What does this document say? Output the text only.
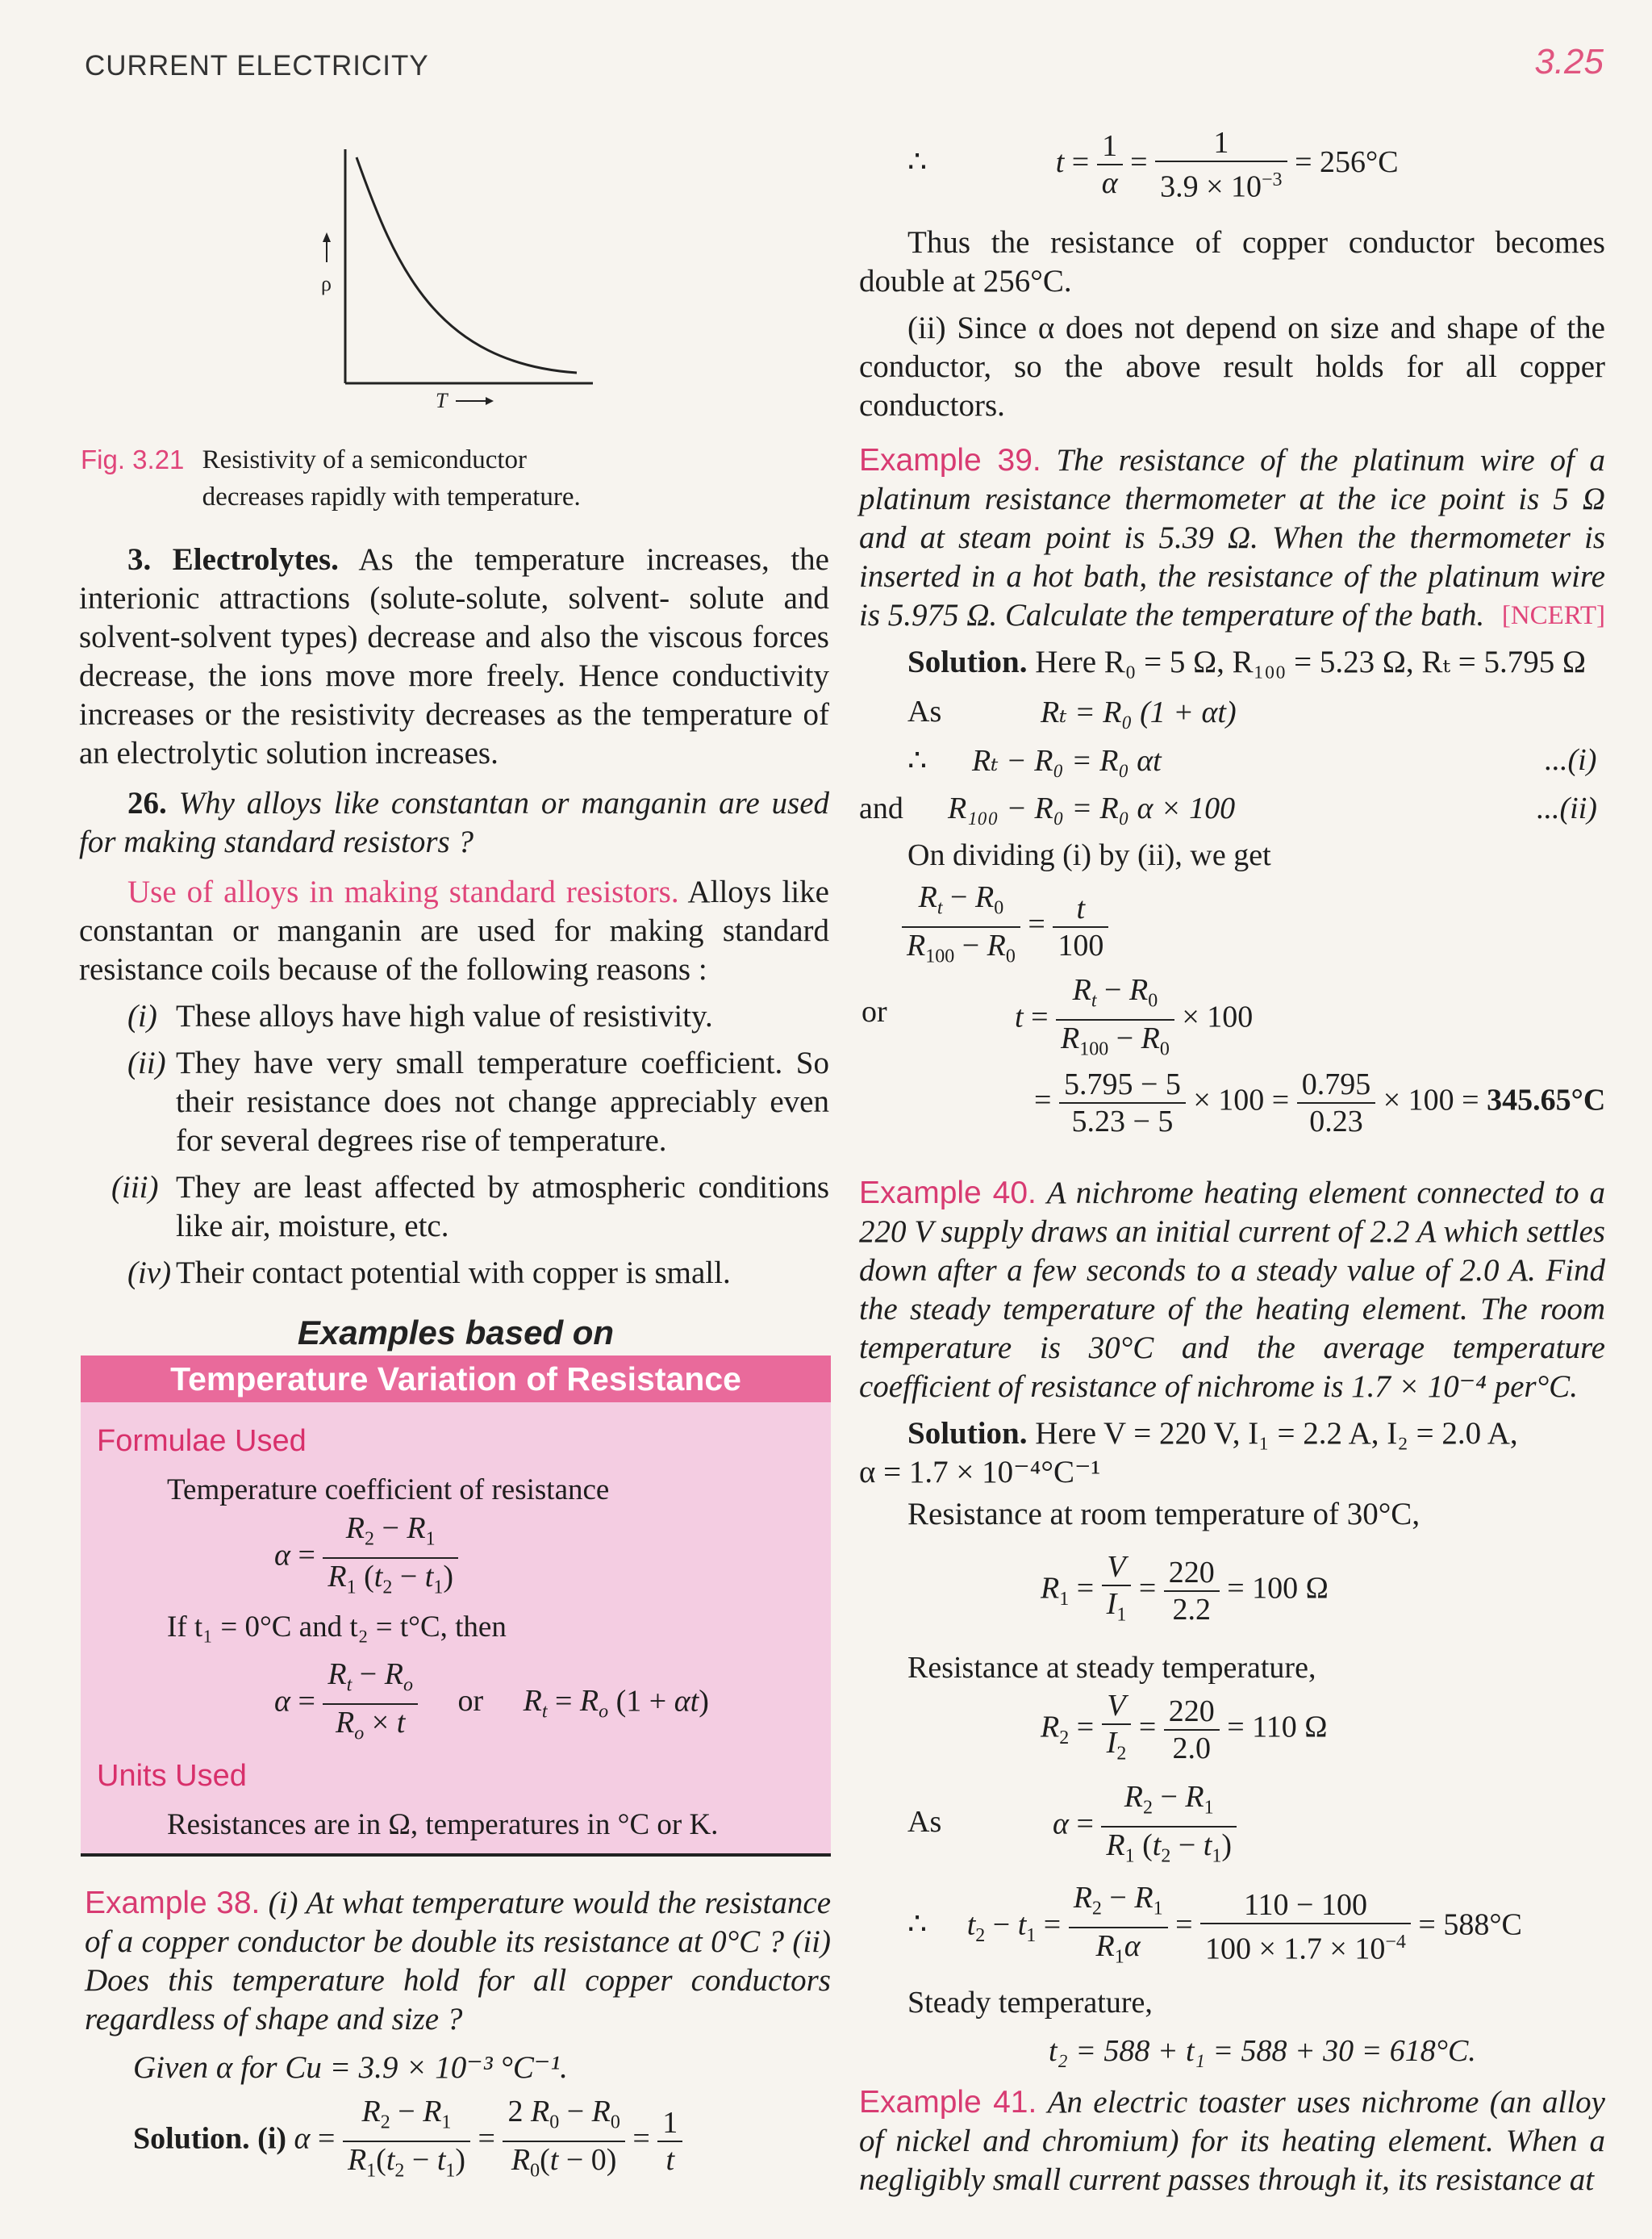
CURRENT ELECTRICITY	3.25
ρ
T
Fig. 3.21 Resistivity of a semiconductor decreases rapidly with temperature.

3. Electrolytes. As the temperature increases, the interionic attractions (solute-solute, solvent- solute and solvent-solvent types) decrease and also the viscous forces decrease, the ions move more freely. Hence conductivity increases or the resistivity decreases as the temperature of an electrolytic solution increases.

26. Why alloys like constantan or manganin are used for making standard resistors ?

Use of alloys in making standard resistors. Alloys like constantan or manganin are used for making standard resistance coils because of the following reasons :

(i) These alloys have high value of resistivity.
(ii) They have very small temperature coefficient. So their resistance does not change appreciably even for several degrees rise of temperature.
(iii) They are least affected by atmospheric conditions like air, moisture, etc.
(iv) Their contact potential with copper is small.
Examples based on
Temperature Variation of Resistance
Formulae Used
Temperature coefficient of resistance
$\alpha = \frac{R_2 - R_1}{R_1 (t_2 - t_1)}$
If t₁ = 0°C and t₂ = t°C, then
$\alpha = \frac{R_t - R_o}{R_o \times t}$ or $R_t = R_o$ (1 + αt)
Units Used
Resistances are in Ω, temperatures in °C or K.

Example 38. (i) At what temperature would the resistance of a copper conductor be double its resistance at 0°C ? (ii) Does this temperature hold for all copper conductors regardless of shape and size ?

Given α for Cu = 3.9 × 10⁻³ °C⁻¹.

Solution. (i) $\alpha = \frac{R_2 - R_1}{R_1(t_2 - t_1)} = \frac{2 R_0 - R_0}{R_0(t - 0)} = \frac{1}{t}$
∴	$t = \frac{1}{\alpha} = \frac{1}{3.9 \times 10^{-3}} = 256^\circ C$

Thus the resistance of copper conductor becomes double at 256°C.

(ii) Since α does not depend on size and shape of the conductor, so the above result holds for all copper conductors.

Example 39. The resistance of the platinum wire of a platinum resistance thermometer at the ice point is 5 Ω and at steam point is 5.39 Ω. When the thermometer is inserted in a hot bath, the resistance of the platinum wire is 5.975 Ω. Calculate the temperature of the bath. [NCERT]

Solution. Here R₀ = 5 Ω, R₁₀₀ = 5.23 Ω, Rₜ = 5.795 Ω

As	Rₜ = R₀ (1 + αt)
∴ Rₜ − R₀ = R₀ αt	...(i)
and R₁₀₀ − R₀ = R₀ α × 100	...(ii)
On dividing (i) by (ii), we get
$\frac{R_t - R_0}{R_{100} - R_0} = \frac{t}{100}$
or	$t = \frac{R_t - R_0}{R_{100} - R_0} \times 100$
= $\frac{5.795 - 5}{5.23 - 5} \times 100 = \frac{0.795}{0.23} \times 100 = 345.65^\circ C$

Example 40. A nichrome heating element connected to a 220 V supply draws an initial current of 2.2 A which settles down after a few seconds to a steady value of 2.0 A. Find the steady temperature of the heating element. The room temperature is 30°C and the average temperature coefficient of resistance of nichrome is 1.7 × 10⁻⁴ per°C.

Solution. Here V = 220 V, I₁ = 2.2 A, I₂ = 2.0 A,

α = 1.7 × 10⁻⁴°C⁻¹

Resistance at room temperature of 30°C,

$R_1 = \frac{V}{I_1} = \frac{220}{2.2} = 100$ Ω
Resistance at steady temperature,
$R_2 = \frac{V}{I_2} = \frac{220}{2.0} = 110$ Ω
As	$\alpha = \frac{R_2 - R_1}{R_1 (t_2 - t_1)}$
∴ $t_2 - t_1 = \frac{R_2 - R_1}{R_1\alpha} = \frac{110 - 100}{100 \times 1.7 \times 10^{-4}} = 588^\circ C$
Steady temperature,
t₂ = 588 + t₁ = 588 + 30 = 618°C.

Example 41. An electric toaster uses nichrome (an alloy of nickel and chromium) for its heating element. When a negligibly small current passes through it, its resistance at
